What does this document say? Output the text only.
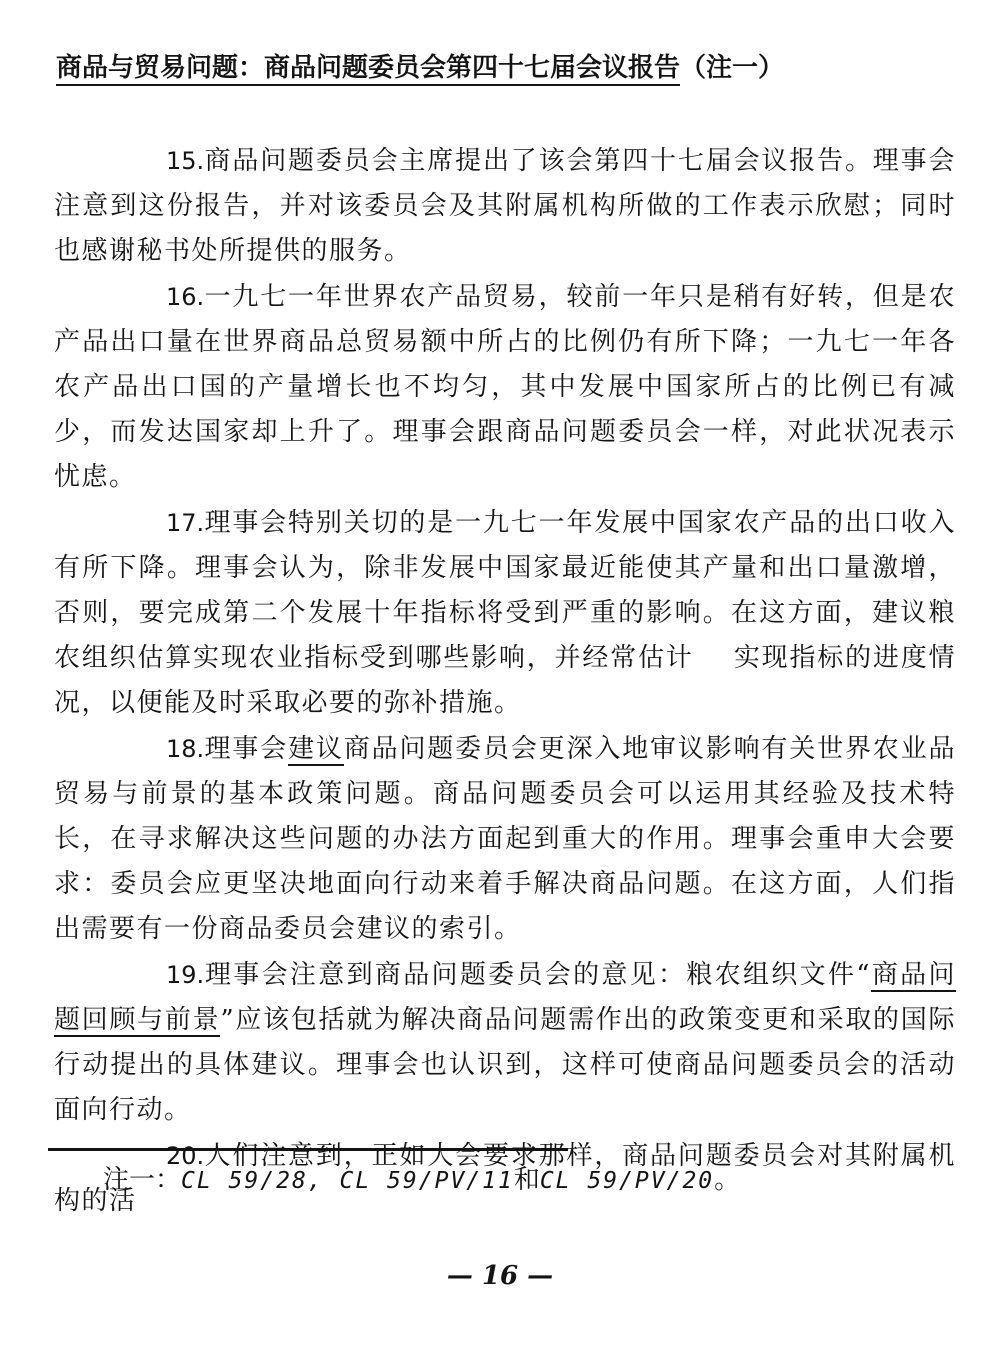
商品与贸易问题：商品问题委员会第四十七届会议报告（注一）

15.商品问题委员会主席提出了该会第四十七届会议报告。理事会注意到这份报告，并对该委员会及其附属机构所做的工作表示欣慰；同时也感谢秘书处所提供的服务。

16.一九七一年世界农产品贸易，较前一年只是稍有好转，但是农产品出口量在世界商品总贸易额中所占的比例仍有所下降；一九七一年各农产品出口国的产量增长也不均匀，其中发展中国家所占的比例已有减少，而发达国家却上升了。理事会跟商品问题委员会一样，对此状况表示忧虑。

17.理事会特别关切的是一九七一年发展中国家农产品的出口收入有所下降。理事会认为，除非发展中国家最近能使其产量和出口量激增，否则，要完成第二个发展十年指标将受到严重的影响。在这方面，建议粮农组织估算实现农业指标受到哪些影响，并经常估计    实现指标的进度情况，以便能及时采取必要的弥补措施。

18.理事会建议商品问题委员会更深入地审议影响有关世界农业品贸易与前景的基本政策问题。商品问题委员会可以运用其经验及技术特长，在寻求解决这些问题的办法方面起到重大的作用。理事会重申大会要求：委员会应更坚决地面向行动来着手解决商品问题。在这方面，人们指出需要有一份商品委员会建议的索引。

19.理事会注意到商品问题委员会的意见：粮农组织文件“商品问题回顾与前景”应该包括就为解决商品问题需作出的政策变更和采取的国际行动提出的具体建议。理事会也认识到，这样可使商品问题委员会的活动面向行动。

20.人们注意到，正如大会要求那样，商品问题委员会对其附属机构的活

注一：CL 59/28, CL 59/PV/11和CL 59/PV/20。
— 16 —
